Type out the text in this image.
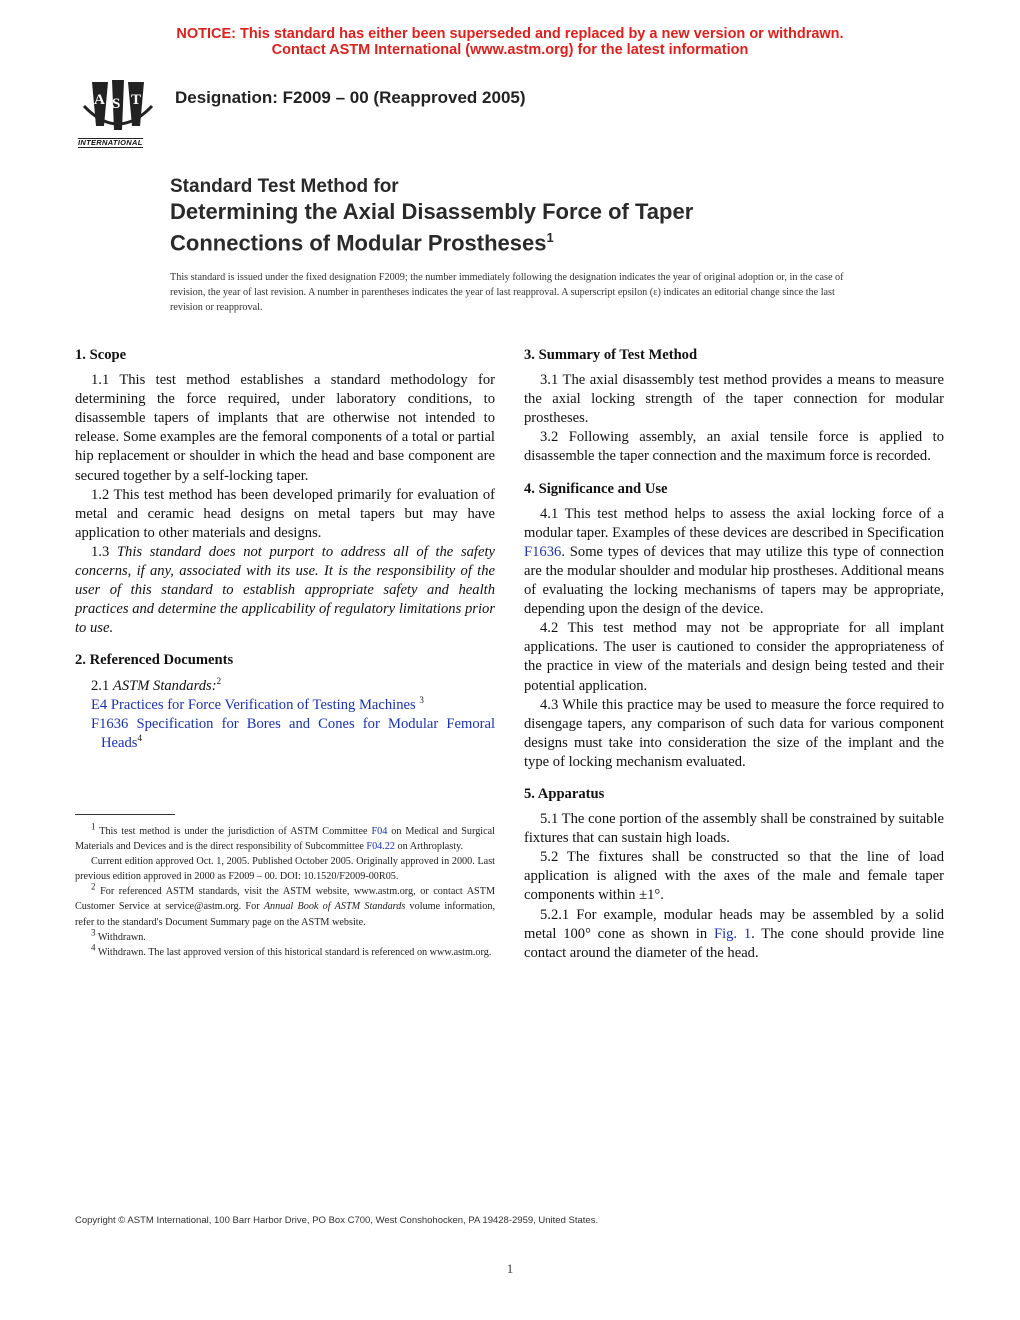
NOTICE: This standard has either been superseded and replaced by a new version or withdrawn.
Contact ASTM International (www.astm.org) for the latest information
A S T
INTERNATIONAL
Designation: F2009 – 00 (Reapproved 2005)
Standard Test Method for
Determining the Axial Disassembly Force of Taper
Connections of Modular Prostheses$^1$
This standard is issued under the fixed designation F2009; the number immediately following the designation indicates the year of original adoption or, in the case of revision, the year of last revision. A number in parentheses indicates the year of last reapproval. A superscript epsilon (ε) indicates an editorial change since the last revision or reapproval.
1. Scope

1.1 This test method establishes a standard methodology for determining the force required, under laboratory conditions, to disassemble tapers of implants that are otherwise not intended to release. Some examples are the femoral components of a total or partial hip replacement or shoulder in which the head and base component are secured together by a self-locking taper.

1.2 This test method has been developed primarily for evaluation of metal and ceramic head designs on metal tapers but may have application to other materials and designs.

1.3 This standard does not purport to address all of the safety concerns, if any, associated with its use. It is the responsibility of the user of this standard to establish appropriate safety and health practices and determine the applicability of regulatory limitations prior to use.

2. Referenced Documents

2.1 ASTM Standards:$^2$

E4 Practices for Force Verification of Testing Machines $^3$

F1636 Specification for Bores and Cones for Modular Femoral Heads$^4$

$^1$ This test method is under the jurisdiction of ASTM Committee F04 on Medical and Surgical Materials and Devices and is the direct responsibility of Subcommittee F04.22 on Arthroplasty.

Current edition approved Oct. 1, 2005. Published October 2005. Originally approved in 2000. Last previous edition approved in 2000 as F2009 – 00. DOI: 10.1520/F2009-00R05.

$^2$ For referenced ASTM standards, visit the ASTM website, www.astm.org, or contact ASTM Customer Service at service@astm.org. For Annual Book of ASTM Standards volume information, refer to the standard's Document Summary page on the ASTM website.

$^3$ Withdrawn.

$^4$ Withdrawn. The last approved version of this historical standard is referenced on www.astm.org.

3. Summary of Test Method

3.1 The axial disassembly test method provides a means to measure the axial locking strength of the taper connection for modular prostheses.

3.2 Following assembly, an axial tensile force is applied to disassemble the taper connection and the maximum force is recorded.

4. Significance and Use

4.1 This test method helps to assess the axial locking force of a modular taper. Examples of these devices are described in Specification F1636. Some types of devices that may utilize this type of connection are the modular shoulder and modular hip prostheses. Additional means of evaluating the locking mechanisms of tapers may be appropriate, depending upon the design of the device.

4.2 This test method may not be appropriate for all implant applications. The user is cautioned to consider the appropriateness of the practice in view of the materials and design being tested and their potential application.

4.3 While this practice may be used to measure the force required to disengage tapers, any comparison of such data for various component designs must take into consideration the size of the implant and the type of locking mechanism evaluated.

5. Apparatus

5.1 The cone portion of the assembly shall be constrained by suitable fixtures that can sustain high loads.

5.2 The fixtures shall be constructed so that the line of load application is aligned with the axes of the male and female taper components within ±1°.

5.2.1 For example, modular heads may be assembled by a solid metal 100° cone as shown in Fig. 1. The cone should provide line contact around the diameter of the head.

Copyright © ASTM International, 100 Barr Harbor Drive, PO Box C700, West Conshohocken, PA 19428-2959, United States.
1
